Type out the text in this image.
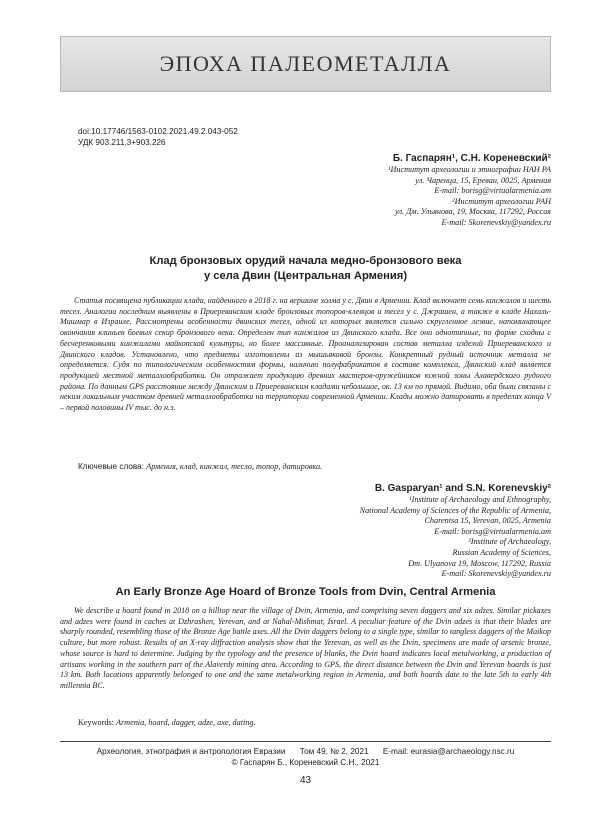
ЭПОХА ПАЛЕОМЕТАЛЛА
doi:10.17746/1563-0102.2021.49.2.043-052
УДК 903.211.3+903.226
Б. Гаспарян¹, С.Н. Кореневский²
¹Институт археологии и этнографии НАН РА
ул. Чаренца, 15, Ереван, 0025, Армения
E-mail: borisg@virtualarmenia.am
²Институт археологии РАН
ул. Дм. Ульянова, 19, Москва, 117292, Россия
E-mail: Skorenevskiy@yandex.ru
Клад бронзовых орудий начала медно-бронзового века
у села Двин (Центральная Армения)

Статья посвящена публикации клада, найденного в 2018 г. на вершине холма у с. Двин в Армении. Клад включает семь кинжалов и шесть тесел. Аналогии последним выявлены в Приереванском кладе бронзовых топоров-клевцов и тесел у с. Джрашен, а также в кладе Нахаль-Мишмар в Израиле. Рассмотрены особенности двинских тесел, одной из которых является сильно скругленное лезвие, напоминающее окончания клиньев боевых секир бронзового века. Определен тип кинжалов из Двинского клада. Все они однотипные, по форме сходны с бесчеренковыми кинжалами майкопской культуры, но более массивные. Проанализирован состав металла изделий Приереванского и Двинского кладов. Установлено, что предметы изготовлены из мышьяковой бронзы. Конкретный рудный источник металла не определяется. Судя по типологическим особенностям формы, наличию полуфабрикатов в составе комплекса, Двинский клад является продукцией местной металлообработки. Он отражает продукцию древних мастеров-оружейников южной зоны Алавердского рудного района. По данным GPS расстояние между Двинским и Приереванским кладами небольшое, ок. 13 км по прямой. Видимо, оба были связаны с неким локальным участком древней металлообработки на территории современной Армении. Клады можно датировать в пределах конца V – первой половины IV тыс. до н.э.

Ключевые слова: Армения, клад, кинжал, тесло, топор, датировка.
B. Gasparyan¹ and S.N. Korenevskiy²
¹Institute of Archaeology and Ethnography,
National Academy of Sciences of the Republic of Armenia,
Charentsa 15, Yerevan, 0025, Armenia
E-mail: borisg@virtualarmenia.am
²Institute of Archaeology,
Russian Academy of Sciences,
Dm. Ulyanova 19, Moscow, 117292, Russia
E-mail: Skorenevskiy@yandex.ru
An Early Bronze Age Hoard of Bronze Tools from Dvin, Central Armenia

We describe a hoard found in 2018 on a hilltop near the village of Dvin, Armenia, and comprising seven daggers and six adzes. Similar pickaxes and adzes were found in caches at Dzhrashen, Yerevan, and at Nahal-Mishmar, Israel. A peculiar feature of the Dvin adzes is that their blades are sharply rounded, resembling those of the Bronze Age battle axes. All the Dvin daggers belong to a single type, similar to tangless daggers of the Maikop culture, but more robust. Results of an X-ray diffraction analysis show that the Yerevan, as well as the Dvin, specimens are made of arsenic bronze, whose source is hard to determine. Judging by the typology and the presence of blanks, the Dvin hoard indicates local metalworking, a production of artisans working in the southern part of the Alaverdy mining area. According to GPS, the direct distance between the Dvin and Yerevan hoards is just 13 km. Both locations apparently belonged to one and the same metalworking region in Armenia, and both hoards date to the late 5th to early 4th millennia BC.

Keywords: Armenia, hoard, dagger, adze, axe, dating.
Археология, этнография и антропология Евразии Том 49, № 2, 2021 E-mail: eurasia@archaeology.nsc.ru
© Гаспарян Б., Кореневский С.Н., 2021
43
